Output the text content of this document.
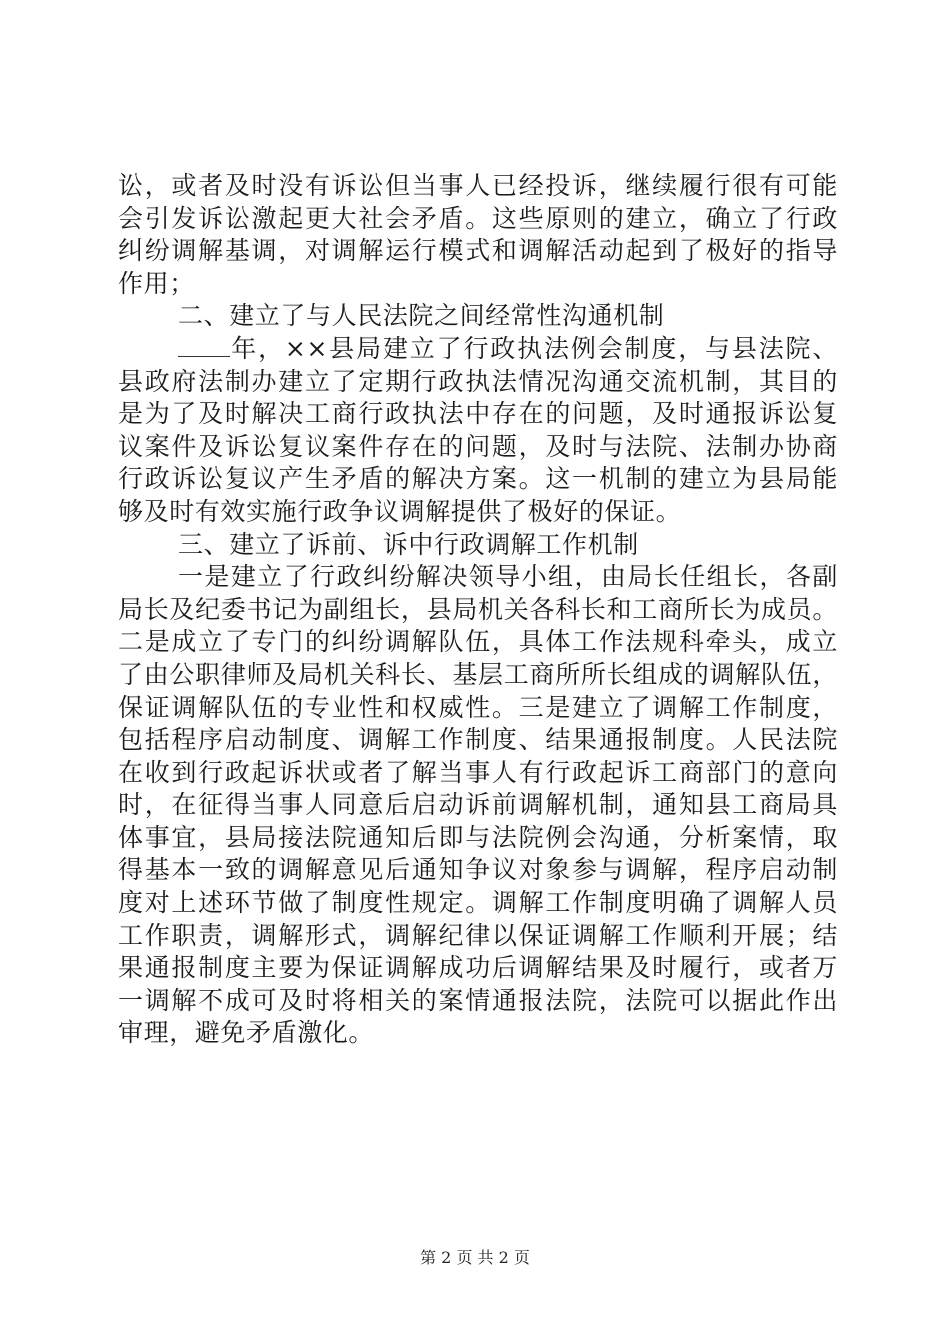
讼，或者及时没有诉讼但当事人已经投诉，继续履行很有可能
会引发诉讼激起更大社会矛盾。这些原则的建立，确立了行政
纠纷调解基调，对调解运行模式和调解活动起到了极好的指导
作用；
二、建立了与人民法院之间经常性沟通机制
年，××县局建立了行政执法例会制度，与县法院、
县政府法制办建立了定期行政执法情况沟通交流机制，其目的
是为了及时解决工商行政执法中存在的问题，及时通报诉讼复
议案件及诉讼复议案件存在的问题，及时与法院、法制办协商
行政诉讼复议产生矛盾的解决方案。这一机制的建立为县局能
够及时有效实施行政争议调解提供了极好的保证。
三、建立了诉前、诉中行政调解工作机制
一是建立了行政纠纷解决领导小组，由局长任组长，各副
局长及纪委书记为副组长，县局机关各科长和工商所长为成员。
二是成立了专门的纠纷调解队伍，具体工作法规科牵头，成立
了由公职律师及局机关科长、基层工商所所长组成的调解队伍，
保证调解队伍的专业性和权威性。三是建立了调解工作制度，
包括程序启动制度、调解工作制度、结果通报制度。人民法院
在收到行政起诉状或者了解当事人有行政起诉工商部门的意向
时，在征得当事人同意后启动诉前调解机制，通知县工商局具
体事宜，县局接法院通知后即与法院例会沟通，分析案情，取
得基本一致的调解意见后通知争议对象参与调解，程序启动制
度对上述环节做了制度性规定。调解工作制度明确了调解人员
工作职责，调解形式，调解纪律以保证调解工作顺利开展；结
果通报制度主要为保证调解成功后调解结果及时履行，或者万
一调解不成可及时将相关的案情通报法院，法院可以据此作出
审理，避免矛盾激化。
第 2 页 共 2 页
